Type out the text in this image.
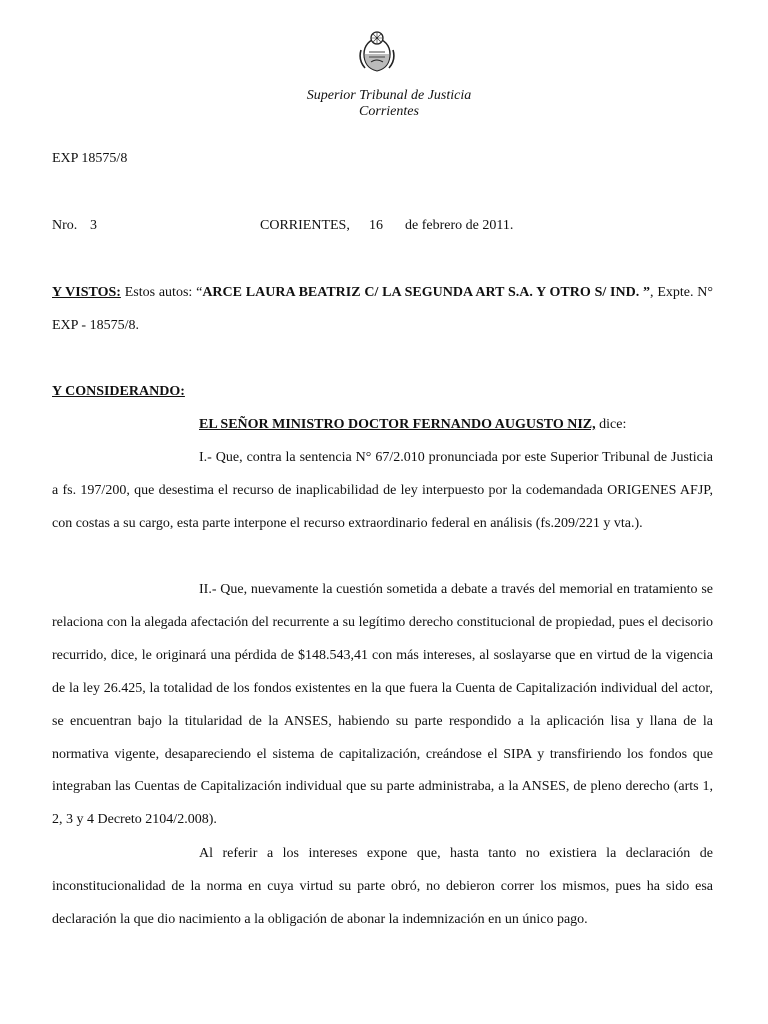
Superior Tribunal de Justicia
Corrientes
EXP 18575/8
Nro. 3	CORRIENTES, 16 de febrero de 2011.
Y VISTOS: Estos autos: “ARCE LAURA BEATRIZ C/ LA SEGUNDA ART S.A. Y OTRO S/ IND. ”, Expte. N° EXP - 18575/8.
Y CONSIDERANDO:
EL SEÑOR MINISTRO DOCTOR FERNANDO AUGUSTO NIZ, dice:
I.- Que, contra la sentencia N° 67/2.010 pronunciada por este Superior Tribunal de Justicia a fs. 197/200, que desestima el recurso de inaplicabilidad de ley interpuesto por la codemandada ORIGENES AFJP, con costas a su cargo, esta parte interpone el recurso extraordinario federal en análisis (fs.209/221 y vta.).
II.- Que, nuevamente la cuestión sometida a debate a través del memorial en tratamiento se relaciona con la alegada afectación del recurrente a su legítimo derecho constitucional de propiedad, pues el decisorio recurrido, dice, le originará una pérdida de $148.543,41 con más intereses, al soslayarse que en virtud de la vigencia de la ley 26.425, la totalidad de los fondos existentes en la que fuera la Cuenta de Capitalización individual del actor, se encuentran bajo la titularidad de la ANSES, habiendo su parte respondido a la aplicación lisa y llana de la normativa vigente, desapareciendo el sistema de capitalización, creándose el SIPA y transfiriendo los fondos que integraban las Cuentas de Capitalización individual que su parte administraba, a la ANSES, de pleno derecho (arts 1, 2, 3 y 4 Decreto 2104/2.008).
Al referir a los intereses expone que, hasta tanto no existiera la declaración de inconstitucionalidad de la norma en cuya virtud su parte obró, no debieron correr los mismos, pues ha sido esa declaración la que dio nacimiento a la obligación de abonar la indemnización en un único pago.
